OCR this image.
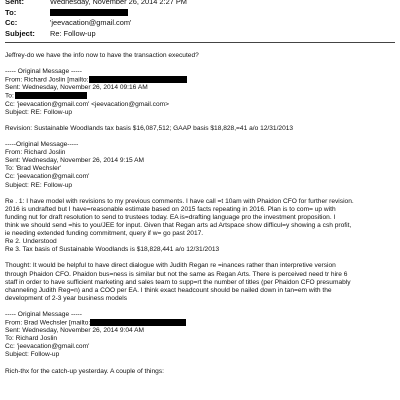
Sent:	Wednesday, November 26, 2014 2:27 PM
To:
Cc:	'jeevacation@gmail.com'
Subject:	Re: Follow-up
Jeffrey-do we have the info now to have the transaction executed?
----- Original Message -----
From: Richard Joslin [mailto:
Sent: Wednesday, November 26, 2014 09:16 AM
To:
Cc: 'jeevacation@gmail.com' <jeevacation@gmail.com>
Subject: RE: Follow-up
Revision: Sustainable Woodlands tax basis $16,087,512; GAAP basis $18,828,=41 a/o 12/31/2013
-----Original Message-----
From: Richard Joslin
Sent: Wednesday, November 26, 2014 9:15 AM
To: 'Brad Wechsler'
Cc: 'jeevacation@gmail.com'
Subject: RE: Follow-up
Re . 1: I have model with revisions to my previous comments. I have call =t 10am with Phaidon CFO for further revision.
2016 is undrafted but I have=reasonable estimate based on 2015 facts repeating in 2016. Plan is to com= up with
funding nut for draft resolution to send to trustees today. EA is=drafting language pro the investment proposition. I
think we should send =his to you/JEE for input. Given that Regan arts ad Artspace show difficul=y showing a csh profit,
ie needing extended funding commitment, query if w= go past 2017.
Re 2. Understood
Re 3. Tax basis of Sustainable Woodlands is $18,828,441 a/o 12/31/2013
Thought: It would be helpful to have direct dialogue with Judith Regan re =inances rather than interpretive version
through Phaidon CFO. Phaidon bus=ness is similar but not the same as Regan Arts. There is perceived need tr hire 6
staff in order to have sufficient marketing and sales team to supp=rt the number of titles (per Phaidon CFO presumably
channeling Judith Reg=n) and a COO per EA. I think exact headcount should be nailed down in tan=em with the
development of 2-3 year business models
----- Original Message -----
From: Brad Wechsler [mailto:
Sent: Wednesday, November 26, 2014 9:04 AM
To: Richard Joslin
Cc: 'jeevacation@gmail.com'
Subject: Follow-up
Rich-thx for the catch-up yesterday. A couple of things:
